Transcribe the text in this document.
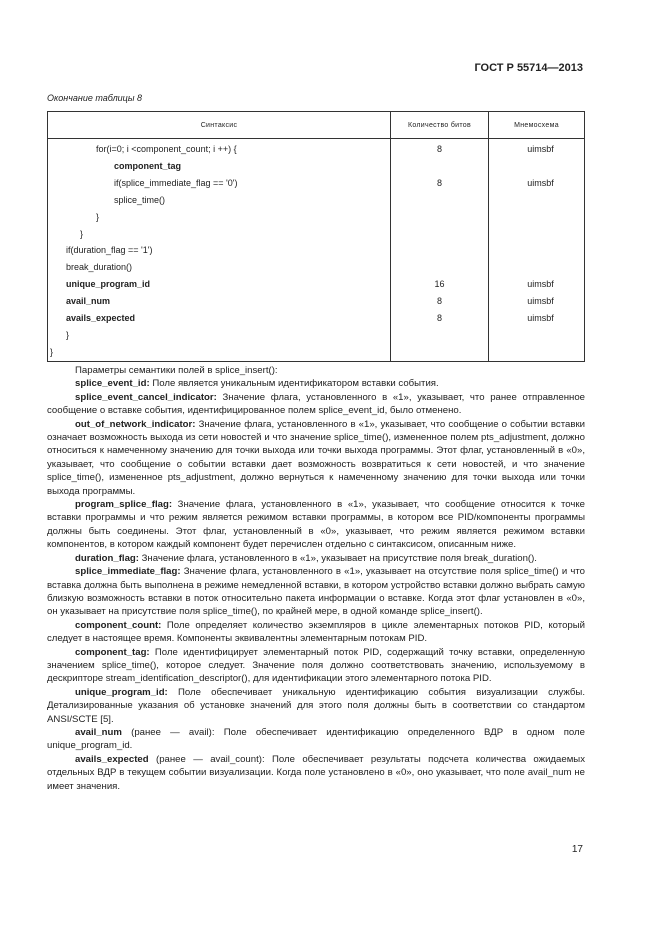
ГОСТ Р 55714—2013
Окончание таблицы 8
Синтаксис	Количество битов	Мнемосхема
for(i=0; i <component_count; i ++) {	8	uimsbf
component_tag		
if(splice_immediate_flag == '0')	8	uimsbf
splice_time()		
}		
}		
if(duration_flag == '1')		
break_duration()		
unique_program_id	16	uimsbf
avail_num	8	uimsbf
avails_expected	8	uimsbf
}		
}		

Параметры семантики полей в splice_insert():

splice_event_id: Поле является уникальным идентификатором вставки события.

splice_event_cancel_indicator: Значение флага, установленного в «1», указывает, что ранее отправленное сообщение о вставке события, идентифицированное полем splice_event_id, было отменено.

out_of_network_indicator: Значение флага, установленного в «1», указывает, что сообщение о событии вставки означает возможность выхода из сети новостей и что значение splice_time(), измененное полем pts_adjustment, должно относиться к намеченному значению для точки выхода или точки выхода программы. Этот флаг, установленный в «0», указывает, что сообщение о событии вставки дает возможность возвратиться к сети новостей, и что значение splice_time(), измененное pts_adjustment, должно вернуться к намеченному значению для точки выхода или точки выхода программы.

program_splice_flag: Значение флага, установленного в «1», указывает, что сообщение относится к точке вставки программы и что режим является режимом вставки программы, в котором все PID/компоненты программы должны быть соединены. Этот флаг, установленный в «0», указывает, что режим является режимом вставки компонентов, в котором каждый компонент будет перечислен отдельно с синтаксисом, описанным ниже.

duration_flag: Значение флага, установленного в «1», указывает на присутствие поля break_duration().

splice_immediate_flag: Значение флага, установленного в «1», указывает на отсутствие поля splice_time() и что вставка должна быть выполнена в режиме немедленной вставки, в котором устройство вставки должно выбрать самую близкую возможность вставки в поток относительно пакета информации о вставке. Когда этот флаг установлен в «0», он указывает на присутствие поля splice_time(), по крайней мере, в одной команде splice_insert().

component_count: Поле определяет количество экземпляров в цикле элементарных потоков PID, который следует в настоящее время. Компоненты эквивалентны элементарным потокам PID.

component_tag: Поле идентифицирует элементарный поток PID, содержащий точку вставки, определенную значением splice_time(), которое следует. Значение поля должно соответствовать значению, используемому в дескрипторе stream_identification_descriptor(), для идентификации этого элементарного потока PID.

unique_program_id: Поле обеспечивает уникальную идентификацию события визуализации службы. Детализированные указания об установке значений для этого поля должны быть в соответствии со стандартом ANSI/SCTE [5].

avail_num (ранее — avail): Поле обеспечивает идентификацию определенного ВДР в одном поле unique_program_id.

avails_expected (ранее — avail_count): Поле обеспечивает результаты подсчета количества ожидаемых отдельных ВДР в текущем событии визуализации. Когда поле установлено в «0», оно указывает, что поле avail_num не имеет значения.

17
